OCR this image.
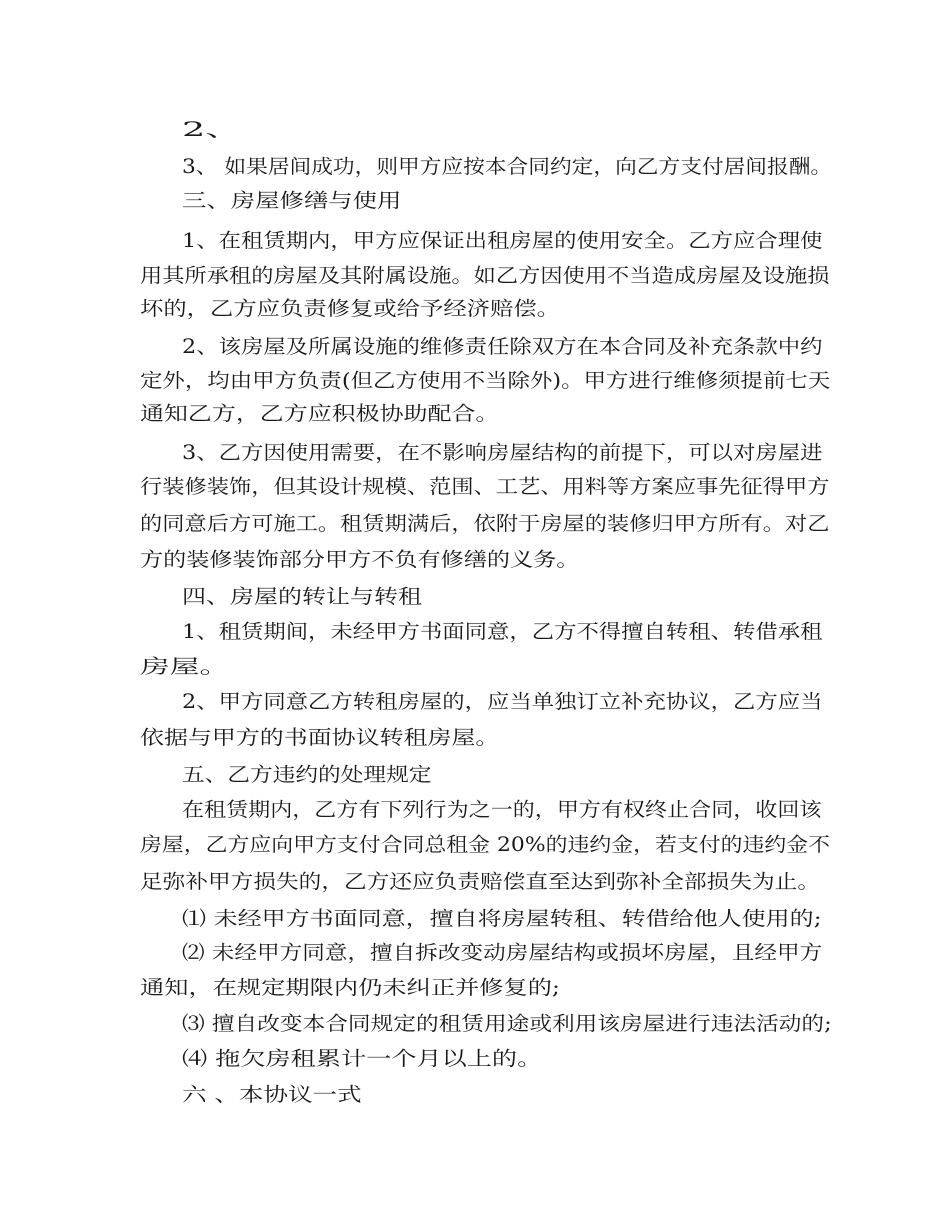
2、
3、 如果居间成功，则甲方应按本合同约定，向乙方支付居间报酬。
三、房屋修缮与使用
1、在租赁期内，甲方应保证出租房屋的使用安全。乙方应合理使
用其所承租的房屋及其附属设施。如乙方因使用不当造成房屋及设施损
坏的，乙方应负责修复或给予经济赔偿。
2、该房屋及所属设施的维修责任除双方在本合同及补充条款中约
定外，均由甲方负责(但乙方使用不当除外)。甲方进行维修须提前七天
通知乙方，乙方应积极协助配合。
3、乙方因使用需要，在不影响房屋结构的前提下，可以对房屋进
行装修装饰，但其设计规模、范围、工艺、用料等方案应事先征得甲方
的同意后方可施工。租赁期满后，依附于房屋的装修归甲方所有。对乙
方的装修装饰部分甲方不负有修缮的义务。
四、房屋的转让与转租
1、租赁期间，未经甲方书面同意，乙方不得擅自转租、转借承租
房屋。
2、甲方同意乙方转租房屋的，应当单独订立补充协议，乙方应当
依据与甲方的书面协议转租房屋。
五、乙方违约的处理规定
在租赁期内，乙方有下列行为之一的，甲方有权终止合同，收回该
房屋，乙方应向甲方支付合同总租金 20%的违约金，若支付的违约金不
足弥补甲方损失的，乙方还应负责赔偿直至达到弥补全部损失为止。
⑴ 未经甲方书面同意，擅自将房屋转租、转借给他人使用的;
⑵ 未经甲方同意，擅自拆改变动房屋结构或损坏房屋，且经甲方
通知，在规定期限内仍未纠正并修复的;
⑶ 擅自改变本合同规定的租赁用途或利用该房屋进行违法活动的;
⑷ 拖欠房租累计一个月以上的。
六 、本协议一式
